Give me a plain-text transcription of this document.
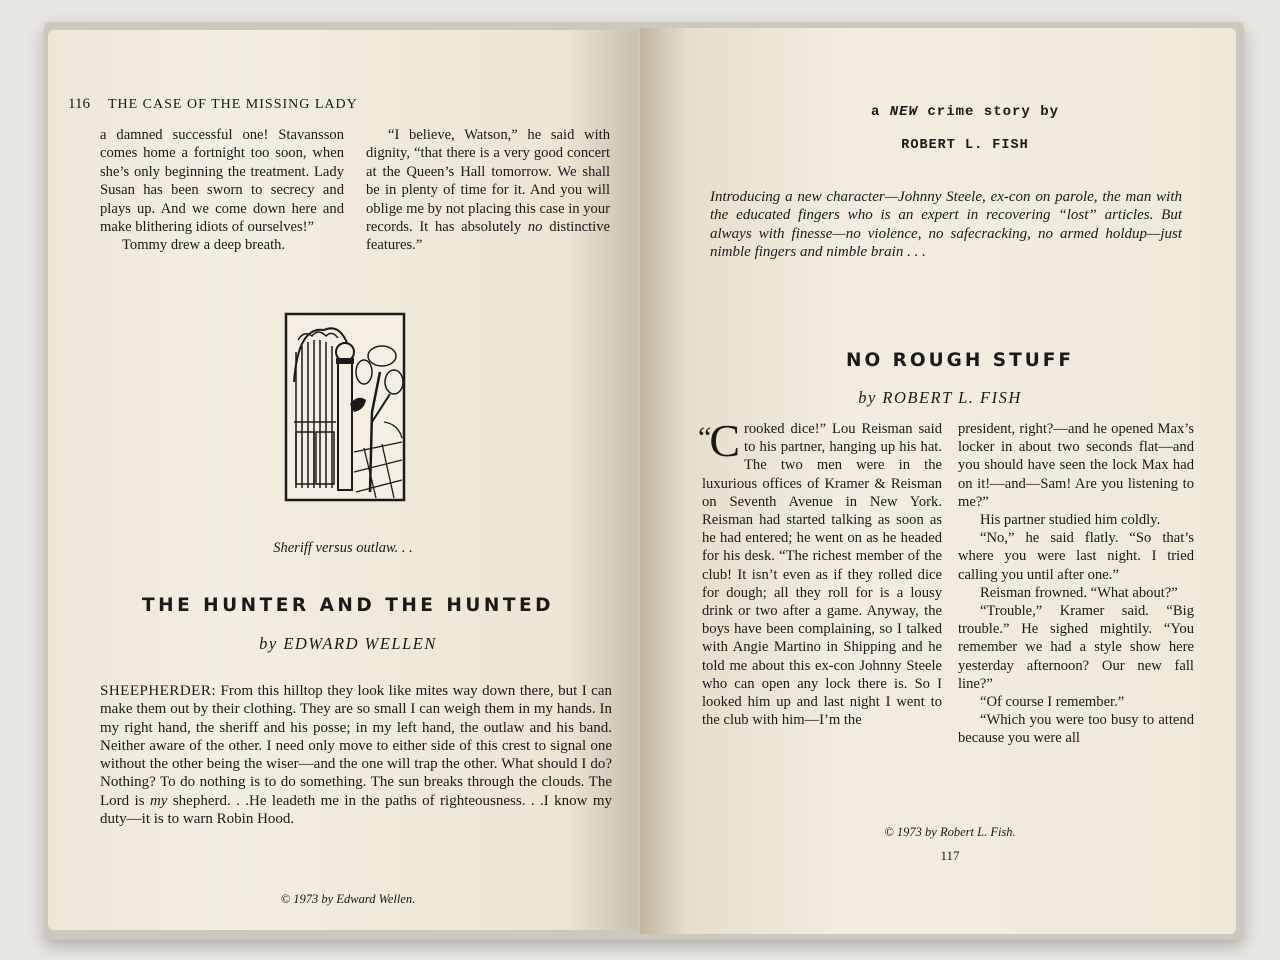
116 THE CASE OF THE MISSING LADY

a damned successful one! Stavansson comes home a fortnight too soon, when she’s only beginning the treatment. Lady Susan has been sworn to secrecy and plays up. And we come down here and make blithering idiots of ourselves!”

Tommy drew a deep breath.

“I believe, Watson,” he said with dignity, “that there is a very good concert at the Queen’s Hall tomorrow. We shall be in plenty of time for it. And you will oblige me by not placing this case in your records. It has absolutely no distinctive features.”

Sheriff versus outlaw. . .
THE HUNTER AND THE HUNTED
by EDWARD WELLEN

SHEEPHERDER: From this hilltop they look like mites way down there, but I can make them out by their clothing. They are so small I can weigh them in my hands. In my right hand, the sheriff and his posse; in my left hand, the outlaw and his band. Neither aware of the other. I need only move to either side of this crest to signal one without the other being the wiser—and the one will trap the other. What should I do? Nothing? To do nothing is to do something. The sun breaks through the clouds. The Lord is my shepherd. . .He leadeth me in the paths of righteousness. . .I know my duty—it is to warn Robin Hood.

© 1973 by Edward Wellen.
a NEW crime story by
ROBERT L. FISH
Introducing a new character—Johnny Steele, ex-con on parole, the man with the educated fingers who is an expert in recovering “lost” articles. But always with finesse—no violence, no safecracking, no armed holdup—just nimble fingers and nimble brain . . .
NO ROUGH STUFF
by ROBERT L. FISH

“
C rooked dice!” Lou Reisman said to his partner, hanging up his hat. The two men were in the luxurious offices of Kramer & Reisman on Seventh Avenue in New York. Reisman had started talking as soon as he had entered; he went on as he headed for his desk. “The richest member of the club! It isn’t even as if they rolled dice for dough; all they roll for is a lousy drink or two after a game. Anyway, the boys have been complaining, so I talked with Angie Martino in Shipping and he told me about this ex-con Johnny Steele who can open any lock there is. So I looked him up and last night I went to the club with him—I’m the

president, right?—and he opened Max’s locker in about two seconds flat—and you should have seen the lock Max had on it!—and—Sam! Are you listening to me?”

His partner studied him coldly.

“No,” he said flatly. “So that’s where you were last night. I tried calling you until after one.”

Reisman frowned. “What about?”

“Trouble,” Kramer said. “Big trouble.” He sighed mightily. “You remember we had a style show here yesterday afternoon? Our new fall line?”

“Of course I remember.”

“Which you were too busy to attend because you were all

© 1973 by Robert L. Fish.
117
